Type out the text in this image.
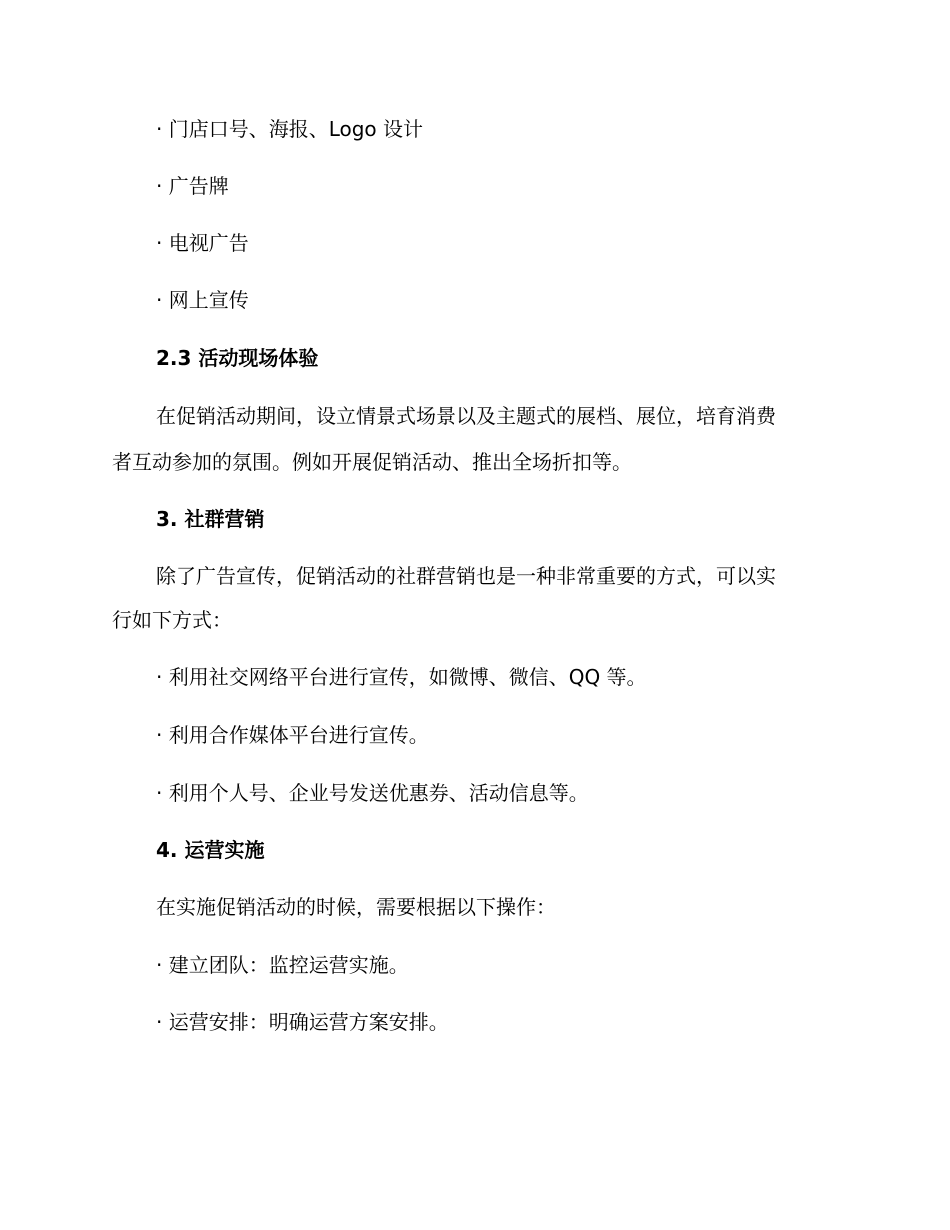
· 门店口号、海报、Logo 设计
· 广告牌
· 电视广告
· 网上宣传
2.3 活动现场体验
在促销活动期间，设立情景式场景以及主题式的展档、展位，培育消费
者互动参加的氛围。例如开展促销活动、推出全场折扣等。
3. 社群营销
除了广告宣传，促销活动的社群营销也是一种非常重要的方式，可以实
行如下方式：
· 利用社交网络平台进行宣传，如微博、微信、QQ 等。
· 利用合作媒体平台进行宣传。
· 利用个人号、企业号发送优惠券、活动信息等。
4. 运营实施
在实施促销活动的时候，需要根据以下操作：
· 建立团队：监控运营实施。
· 运营安排：明确运营方案安排。
